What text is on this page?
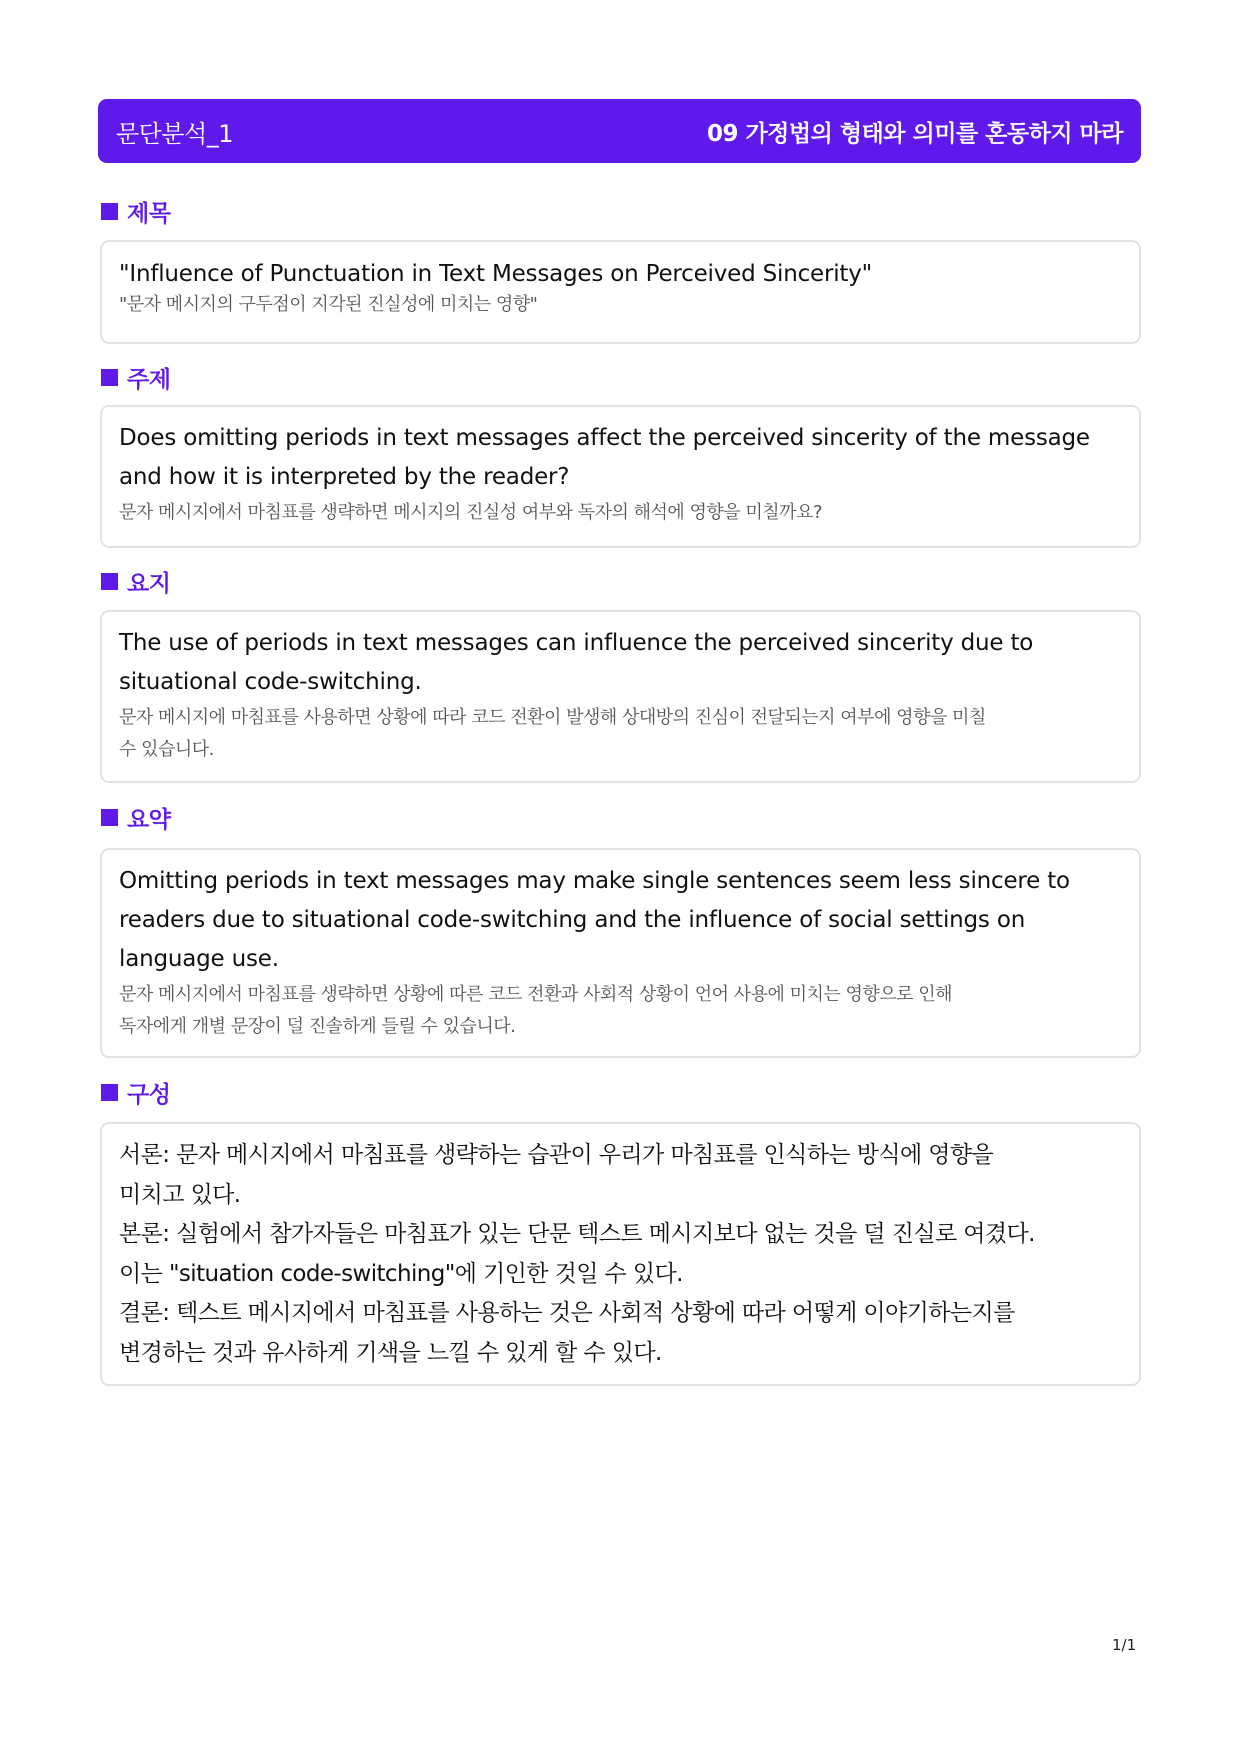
문단분석_1	09 가정법의 형태와 의미를 혼동하지 마라
제목
"Influence of Punctuation in Text Messages on Perceived Sincerity"
"문자 메시지의 구두점이 지각된 진실성에 미치는 영향"
주제
Does omitting periods in text messages affect the perceived sincerity of the message
and how it is interpreted by the reader?
문자 메시지에서 마침표를 생략하면 메시지의 진실성 여부와 독자의 해석에 영향을 미칠까요?
요지
The use of periods in text messages can influence the perceived sincerity due to
situational code-switching.
문자 메시지에 마침표를 사용하면 상황에 따라 코드 전환이 발생해 상대방의 진심이 전달되는지 여부에 영향을 미칠
수 있습니다.
요약
Omitting periods in text messages may make single sentences seem less sincere to
readers due to situational code-switching and the influence of social settings on
language use.
문자 메시지에서 마침표를 생략하면 상황에 따른 코드 전환과 사회적 상황이 언어 사용에 미치는 영향으로 인해
독자에게 개별 문장이 덜 진솔하게 들릴 수 있습니다.
구성
서론: 문자 메시지에서 마침표를 생략하는 습관이 우리가 마침표를 인식하는 방식에 영향을
미치고 있다.
본론: 실험에서 참가자들은 마침표가 있는 단문 텍스트 메시지보다 없는 것을 덜 진실로 여겼다.
이는 "situation code-switching"에 기인한 것일 수 있다.
결론: 텍스트 메시지에서 마침표를 사용하는 것은 사회적 상황에 따라 어떻게 이야기하는지를
변경하는 것과 유사하게 기색을 느낄 수 있게 할 수 있다.
1/1
